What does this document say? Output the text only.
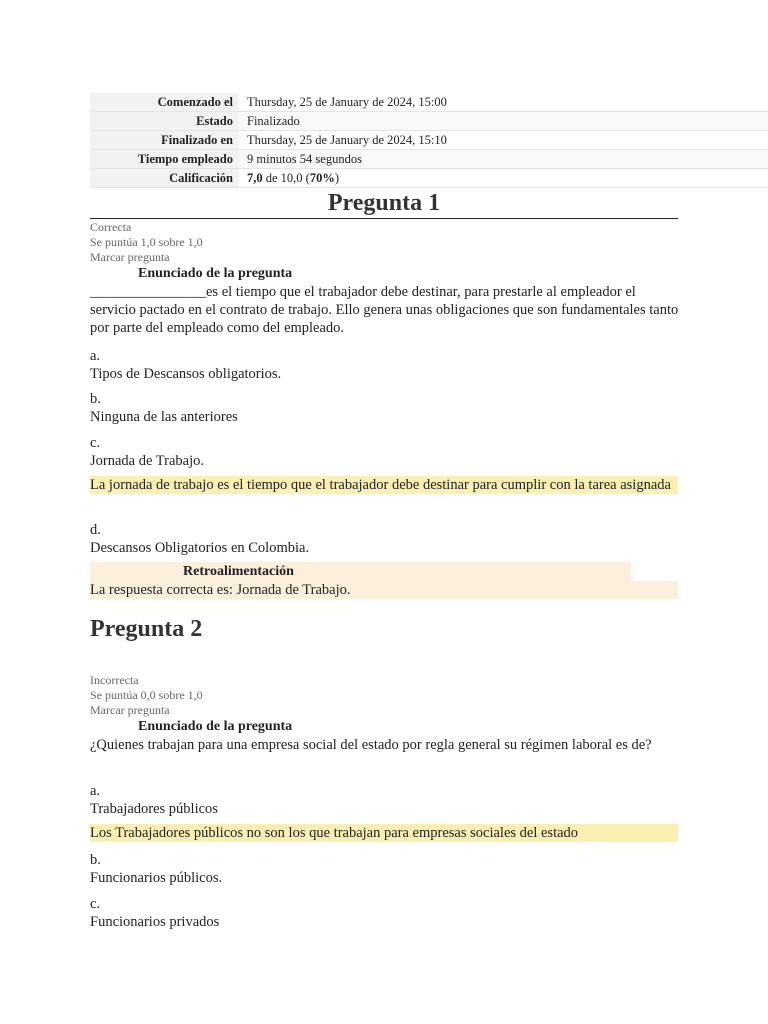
Comenzado el	Thursday, 25 de January de 2024, 15:00
Estado	Finalizado
Finalizado en	Thursday, 25 de January de 2024, 15:10
Tiempo empleado	9 minutos 54 segundos
Calificación	7,0 de 10,0 (70%)
Pregunta 1
Correcta
Se puntúa 1,0 sobre 1,0
Marcar pregunta
Enunciado de la pregunta
________________es el tiempo que el trabajador debe destinar, para prestarle al empleador el servicio pactado en el contrato de trabajo. Ello genera unas obligaciones que son fundamentales tanto por parte del empleado como del empleado.
a.
Tipos de Descansos obligatorios.
b.
Ninguna de las anteriores
c.
Jornada de Trabajo.
La jornada de trabajo es el tiempo que el trabajador debe destinar para cumplir con la tarea asignada
d.
Descansos Obligatorios en Colombia.
Retroalimentación
La respuesta correcta es: Jornada de Trabajo.
Pregunta 2
Incorrecta
Se puntúa 0,0 sobre 1,0
Marcar pregunta
Enunciado de la pregunta
¿Quienes trabajan para una empresa social del estado por regla general su régimen laboral es de?
a.
Trabajadores públicos
Los Trabajadores públicos no son los que trabajan para empresas sociales del estado
b.
Funcionarios públicos.
c.
Funcionarios privados
